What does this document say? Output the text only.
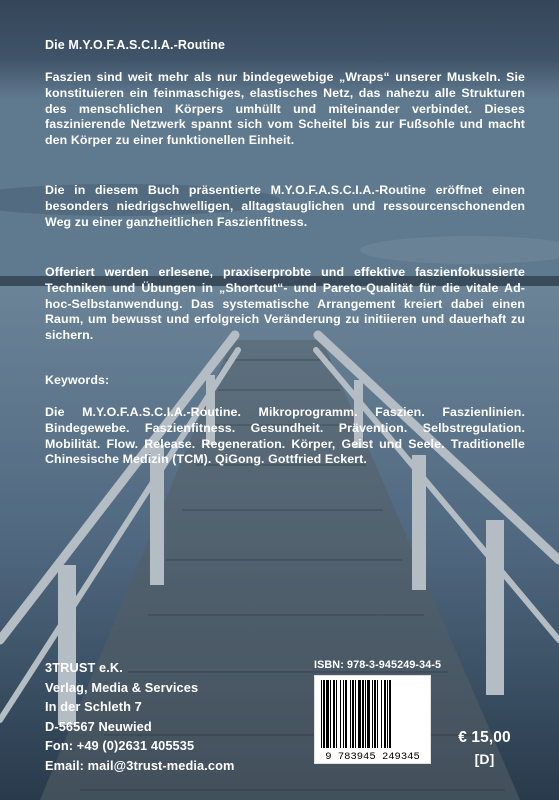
Die M.Y.O.F.A.S.C.I.A.-Routine
Faszien sind weit mehr als nur bindegewebige „Wraps“ unserer Muskeln. Sie konstituieren ein feinmaschiges, elastisches Netz, das nahezu alle Strukturen des menschlichen Körpers umhüllt und miteinander verbindet. Dieses faszinierende Netzwerk spannt sich vom Scheitel bis zur Fußsohle und macht den Körper zu einer funktionellen Einheit.
Die in diesem Buch präsentierte M.Y.O.F.A.S.C.I.A.-Routine eröffnet einen besonders niedrigschwelligen, alltagstauglichen und ressourcenschonenden Weg zu einer ganzheitlichen Faszienfitness.
Offeriert werden erlesene, praxiserprobte und effektive faszienfokussierte Techniken und Übungen in „Shortcut“- und Pareto-Qualität für die vitale Ad-hoc-Selbstanwendung. Das systematische Arrangement kreiert dabei einen Raum, um bewusst und erfolgreich Veränderung zu initiieren und dauerhaft zu sichern.
Keywords:
Die M.Y.O.F.A.S.C.I.A.-Routine. Mikroprogramm. Faszien. Faszienlinien. Bindegewebe. Faszienfitness. Gesundheit. Prävention. Selbstregulation. Mobilität. Flow. Release. Regeneration. Körper, Geist und Seele. Traditionelle Chinesische Medizin (TCM). QiGong. Gottfried Eckert.
3TRUST e.K.
Verlag, Media & Services
In der Schleth 7
D-56567 Neuwied
Fon: +49 (0)2631 405535
Email: mail@3trust-media.com
ISBN: 978-3-945249-34-5
9 783945 249345
€ 15,00
[D]
